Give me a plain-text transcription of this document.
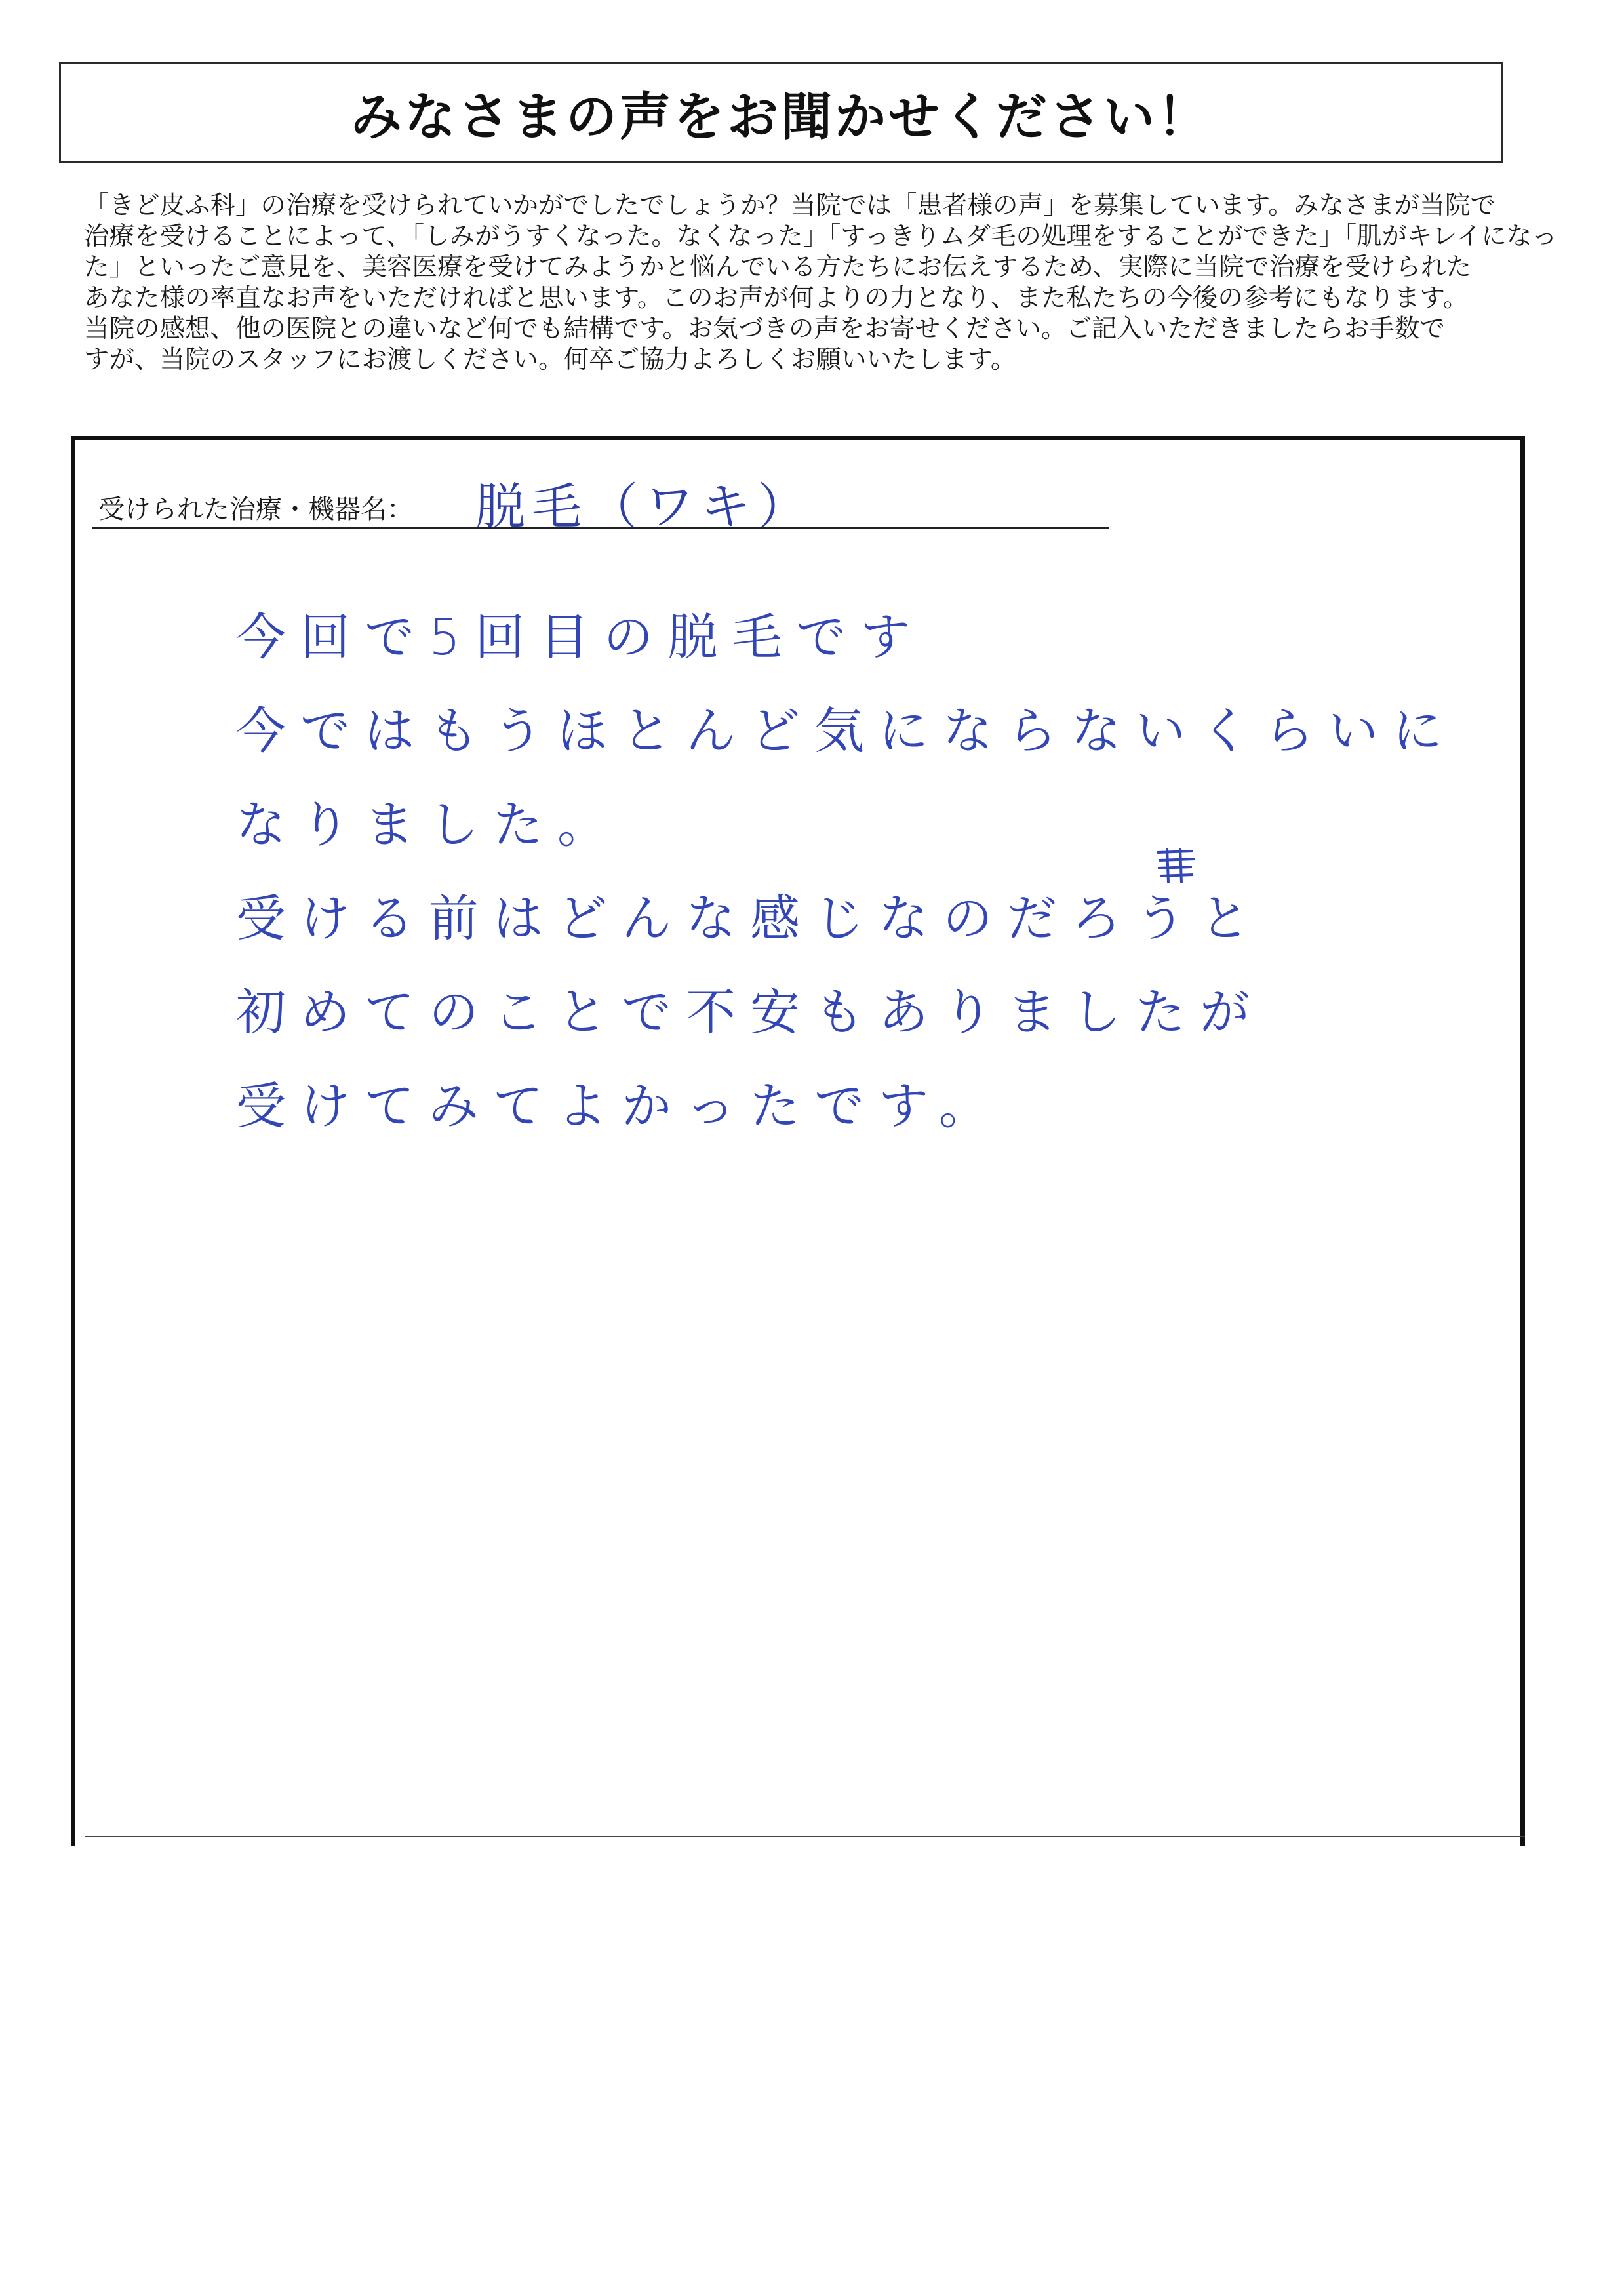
みなさまの声をお聞かせください！
「きど皮ふ科」の治療を受けられていかがでしたでしょうか？当院では「患者様の声」を募集しています。みなさまが当院で
治療を受けることによって、「しみがうすくなった。なくなった」「すっきりムダ毛の処理をすることができた」「肌がキレイになっ
た」といったご意見を、美容医療を受けてみようかと悩んでいる方たちにお伝えするため、実際に当院で治療を受けられた
あなた様の率直なお声をいただければと思います。このお声が何よりの力となり、また私たちの今後の参考にもなります。
当院の感想、他の医院との違いなど何でも結構です。お気づきの声をお寄せください。ご記入いただきましたらお手数で
すが、当院のスタッフにお渡しください。何卒ご協力よろしくお願いいたします。
受けられた治療・機器名： 脱毛（ワキ）
今回で5回目の脱毛です
今ではもうほとんど気にならないくらいに
なりました。
受ける前はどんな感じなのだろうと
初めてのことで不安もありましたが
受けてみてよかったです。
